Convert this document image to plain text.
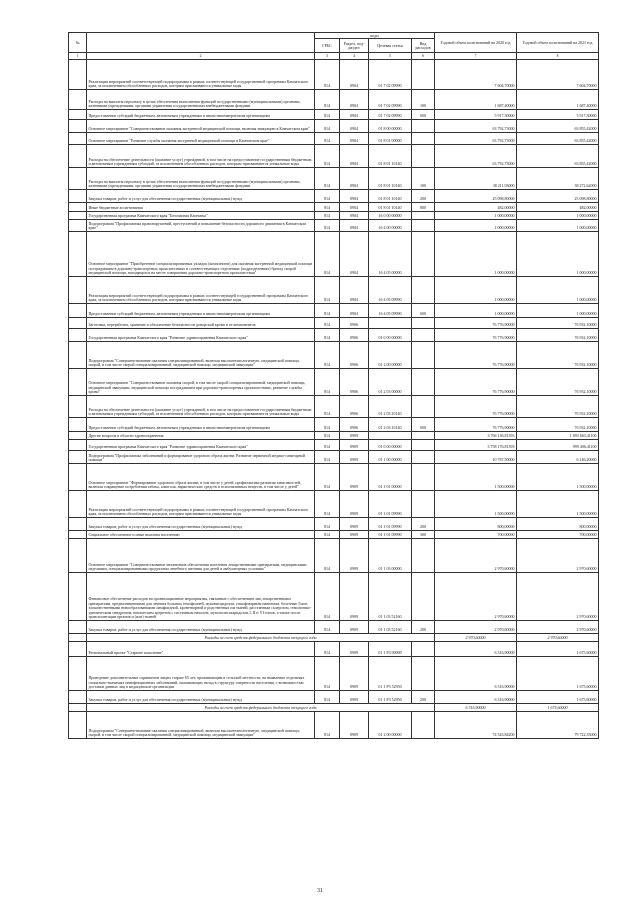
№		коды				Годовой объем ассигнований на 2020 год	Годовой объем ассигнований на 2021 год
		ГРБС	Раздел, под-раздел	Целевая статья	Вид расходов		
1	2	3	4	5	6	7	8
	Реализация мероприятий соответствующей подпрограммы в рамках соответствующей государственной программы Камчатского края, за исключением обособленных расходов, которым присваиваются уникальные коды	814	0904	01 7 02 09990		7 604,70000	7 604,70000
	Расходы на выплаты персоналу в целях обеспечения выполнения функций государственными (муниципальными) органами, казенными учреждениями, органами управления государственными внебюджетными фондами	814	0904	01 7 02 09990	100	1 687,40000	1 687,40000
	Предоставление субсидий бюджетным, автономным учреждениям и иным некоммерческим организациям	814	0904	01 7 02 09990	600	5 917,30000	5 917,30000
	Основное мероприятие "Совершенствование оказания экстренной медицинской помощи, включая эвакуацию в Камчатском крае"	814	0904	01 8 00 00000		63 792,73000	63 855,42000
	Основное мероприятие "Развитие службы оказания экстренной медицинской помощи в Камчатском крае"	814	0904	01 8 01 00000		63 792,73000	63 855,42000
	Расходы на обеспечение деятельности (оказание услуг) учреждений, в том числе на предоставление государственным бюджетным и автономным учреждениям субсидий, за исключением обособленных расходов, которым присваиваются уникальные коды	814	0904	01 8 01 10140		63 792,73000	63 855,42000
	Расходы на выплаты персоналу в целях обеспечения выполнения функций государственными (муниципальными) органами, казенными учреждениями, органами управления государственными внебюджетными фондами	814	0904	01 8 01 10140	100	38 211,93000	38 272,62000
	Закупка товаров, работ и услуг для обеспечения государственных (муниципальных) нужд	814	0904	01 8 01 10140	200	25 098,80000	25 098,80000
	Иные бюджетные ассигнования	814	0904	01 8 01 10140	800	482,00000	482,00000
	Государственная программа Камчатского края "Безопасная Камчатка"	814	0904	16 0 00 00000		1 000,00000	1 000,00000
	Подпрограмма "Профилактика правонарушений, преступлений и повышение безопасности дорожного движения в Камчатском крае"	814	0904	16 4 00 00000		1 000,00000	1 000,00000
	Основное мероприятие "Приобретение специализированных укладок (комплектов) для оказания экстренной медицинской помощи пострадавшим в дорожно-транспортных происшествиях в соответствующих отделениях (подразделениях) бригад скорой медицинской помощи, находящихся на месте совершения дорожно-транспортного происшествия"	814	0904	16 4 05 00000		1 000,00000	1 000,00000
	Реализация мероприятий соответствующей подпрограммы в рамках соответствующей государственной программы Камчатского края, за исключением обособленных расходов, которым присваиваются уникальные коды	814	0904	16 4 05 09990		1 000,00000	1 000,00000
	Предоставление субсидий бюджетным, автономным учреждениям и иным некоммерческим организациям	814	0904	16 4 05 09990	600	1 000,00000	1 000,00000
	Заготовка, переработка, хранение и обеспечение безопасности донорской крови и ее компонентов	814	0906			76 776,90000	76 932,10000
	Государственная программа Камчатского края "Развитие здравоохранения Камчатского края"	814	0906	01 0 00 00000		76 776,90000	76 932,10000
	Подпрограмма "Совершенствование оказания специализированной, включая высокотехнологичную, медицинской помощи, скорой, в том числе скорой специализированной, медицинской помощи, медицинской эвакуации"	814	0906	01 2 00 00000		76 776,90000	76 932,10000
	Основное мероприятие "Совершенствование оказания скорой, в том числе скорой специализированной, медицинской помощи, медицинской эвакуации, медицинской помощи пострадавшим при дорожно-транспортных происшествиях, развитие службы крови"	814	0906	01 2 03 00000		76 776,90000	76 932,10000
	Расходы на обеспечение деятельности (оказание услуг) учреждений, в том числе на предоставление государственным бюджетным и автономным учреждениям субсидий, за исключением обособленных расходов, которым присваиваются уникальные коды	814	0906	01 2 03 10140		76 776,90000	76 932,10000
	Предоставление субсидий бюджетным, автономным учреждениям и иным некоммерческим организациям	814	0906	01 2 03 10140	600	76 776,90000	76 932,10000
	Другие вопросы в области здравоохранения	814	0909			3 766 136,81393	1 893 663,41100
	Государственная программа Камчатского края "Развитие здравоохранения Камчатского края"	814	0909	01 0 00 00000		3 758 176,81393	999 406,41100
	Подпрограмма "Профилактика заболеваний и формирование здорового образа жизни. Развитие первичной медико-санитарной помощи"	814	0909	01 1 00 00000		10 787,50000	6 146,20000
	Основное мероприятие "Формирование здорового образа жизни, в том числе у детей, профилактика развития зависимостей, включая сокращение потребления табака, алкоголя, наркотических средств и психоактивных веществ, в том числе у детей"	814	0909	01 1 01 00000		1 500,00000	1 500,00000
	Реализация мероприятий соответствующей подпрограммы в рамках соответствующей государственной программы Камчатского края, за исключением обособленных расходов, которым присваиваются уникальные коды	814	0909	01 1 01 09990		1 500,00000	1 500,00000
	Закупка товаров, работ и услуг для обеспечения государственных (муниципальных) нужд	814	0909	01 1 01 09990	200	800,00000	800,00000
	Социальное обеспечение и иные выплаты населению	814	0909	01 1 01 09990	300	700,00000	700,00000
	Основное мероприятие "Совершенствование механизмов обеспечения населения лекарственными препаратами, медицинскими изделиями, специализированными продуктами лечебного питания для детей в амбулаторных условиях"	814	0909	01 1 03 00000		2 970,60000	2 970,60000
	Финансовое обеспечение расходов на организационные мероприятия, связанные с обеспечением лиц лекарственными препаратами, предназначенными для лечения больных гемофилией, муковисцидозом, гипофизарным нанизмом, болезнью Гоше, злокачественными новообразованиями лимфоидной, кроветворной и родственных им тканей, рассеянным склерозом, гемолитико-уремическим синдромом, юношеским артритом с системным началом, мукополисахаридозом I, II и VI типов, а также после трансплантации органов и (или) тканей	814	0909	01 1 03 52160		2 970,60000	2 970,60000
	Закупка товаров, работ и услуг для обеспечения государственных (муниципальных) нужд	814	0909	01 1 03 52160	200	2 970,60000	2 970,60000
	Расходы за счет средств федерального бюджета текущего года					2 970,60000	2 970,60000
	Региональный проект "Старшее поколение"	814	0909	01 1 P3 00000		6 316,90000	1 675,60000
	Проведение дополнительных скринингов лицам старше 65 лет, проживающим в сельской местности, на выявление отдельных социально-значимых неинфекционных заболеваний, оказывающих вклад в структуру смертности населения, с возможностью доставки данных лиц в медицинские организации	814	0909	01 1 P3 52950		6 316,90000	1 675,60000
	Закупка товаров, работ и услуг для обеспечения государственных (муниципальных) нужд	814	0909	01 1 P3 52950	200	6 316,90000	1 675,60000
	Расходы за счет средств федерального бюджета текущего года					6 316,90000	1 675,60000
	Подпрограмма "Совершенствование оказания специализированной, включая высокотехнологичную, медицинской помощи, скорой, в том числе скорой специализированной, медицинской помощи, медицинской эвакуации"	814	0909	01 2 00 00000		74 543,84200	79 722,35000
31
